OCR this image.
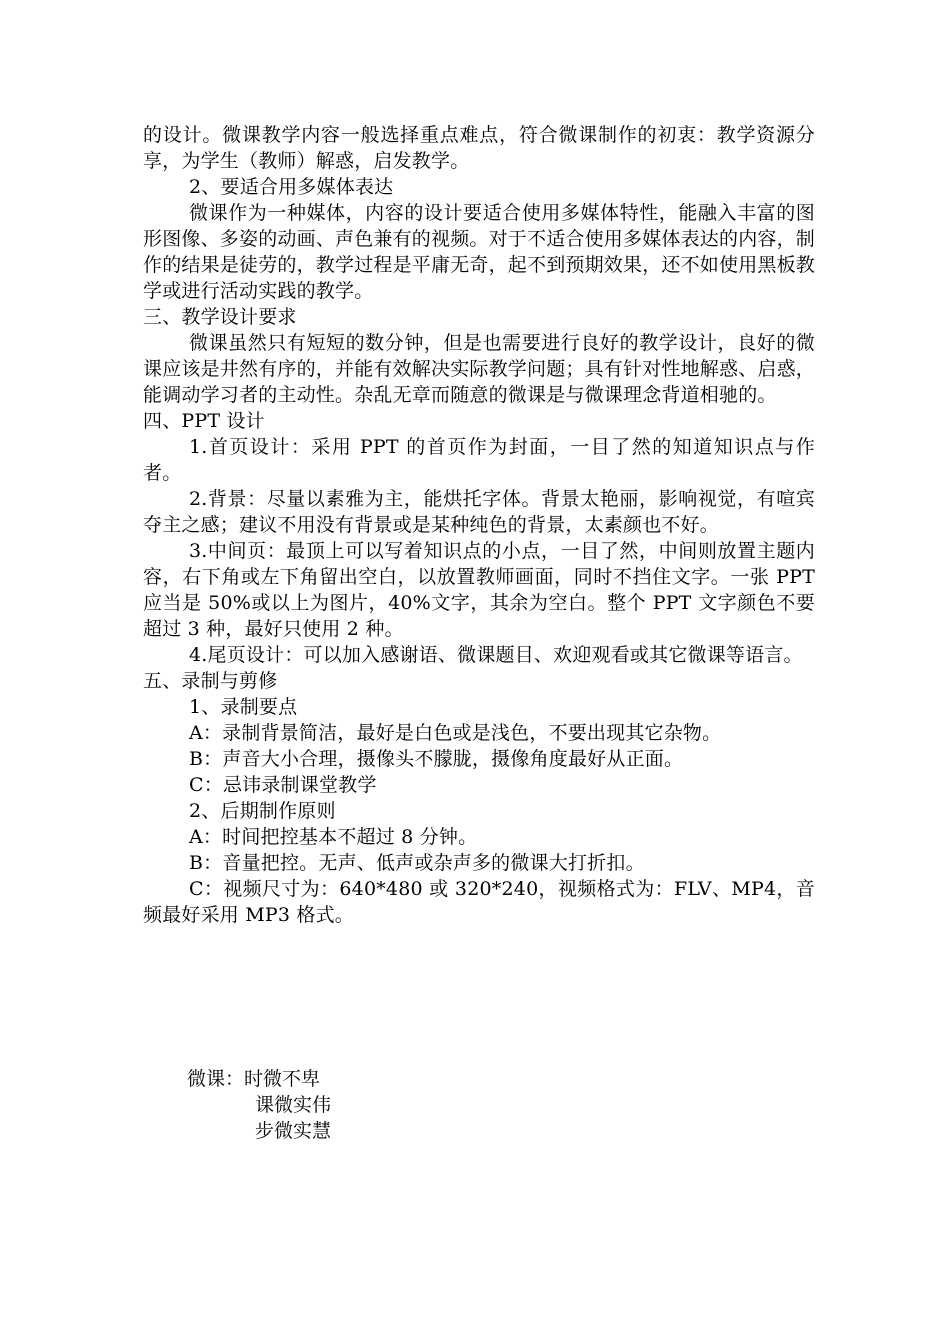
的设计。微课教学内容一般选择重点难点，符合微课制作的初衷：教学资源分享，为学生（教师）解惑，启发教学。

2、要适合用多媒体表达

微课作为一种媒体，内容的设计要适合使用多媒体特性，能融入丰富的图形图像、多姿的动画、声色兼有的视频。对于不适合使用多媒体表达的内容，制作的结果是徒劳的，教学过程是平庸无奇，起不到预期效果，还不如使用黑板教学或进行活动实践的教学。

三、教学设计要求

微课虽然只有短短的数分钟，但是也需要进行良好的教学设计，良好的微课应该是井然有序的，并能有效解决实际教学问题；具有针对性地解惑、启惑，能调动学习者的主动性。杂乱无章而随意的微课是与微课理念背道相驰的。

四、PPT 设计

1.首页设计：采用 PPT 的首页作为封面，一目了然的知道知识点与作者。

2.背景：尽量以素雅为主，能烘托字体。背景太艳丽，影响视觉，有喧宾夺主之感；建议不用没有背景或是某种纯色的背景，太素颜也不好。

3.中间页：最顶上可以写着知识点的小点，一目了然，中间则放置主题内容，右下角或左下角留出空白，以放置教师画面，同时不挡住文字。一张 PPT 应当是 50%或以上为图片，40%文字，其余为空白。整个 PPT 文字颜色不要超过 3 种，最好只使用 2 种。

4.尾页设计：可以加入感谢语、微课题目、欢迎观看或其它微课等语言。

五、录制与剪修

1、录制要点

A：录制背景简洁，最好是白色或是浅色，不要出现其它杂物。

B：声音大小合理，摄像头不朦胧，摄像角度最好从正面。

C：忌讳录制课堂教学

2、后期制作原则

A：时间把控基本不超过 8 分钟。

B：音量把控。无声、低声或杂声多的微课大打折扣。

C：视频尺寸为：640*480 或 320*240，视频格式为：FLV、MP4，音频最好采用 MP3 格式。

微课：时微不卑
课微实伟
步微实慧
